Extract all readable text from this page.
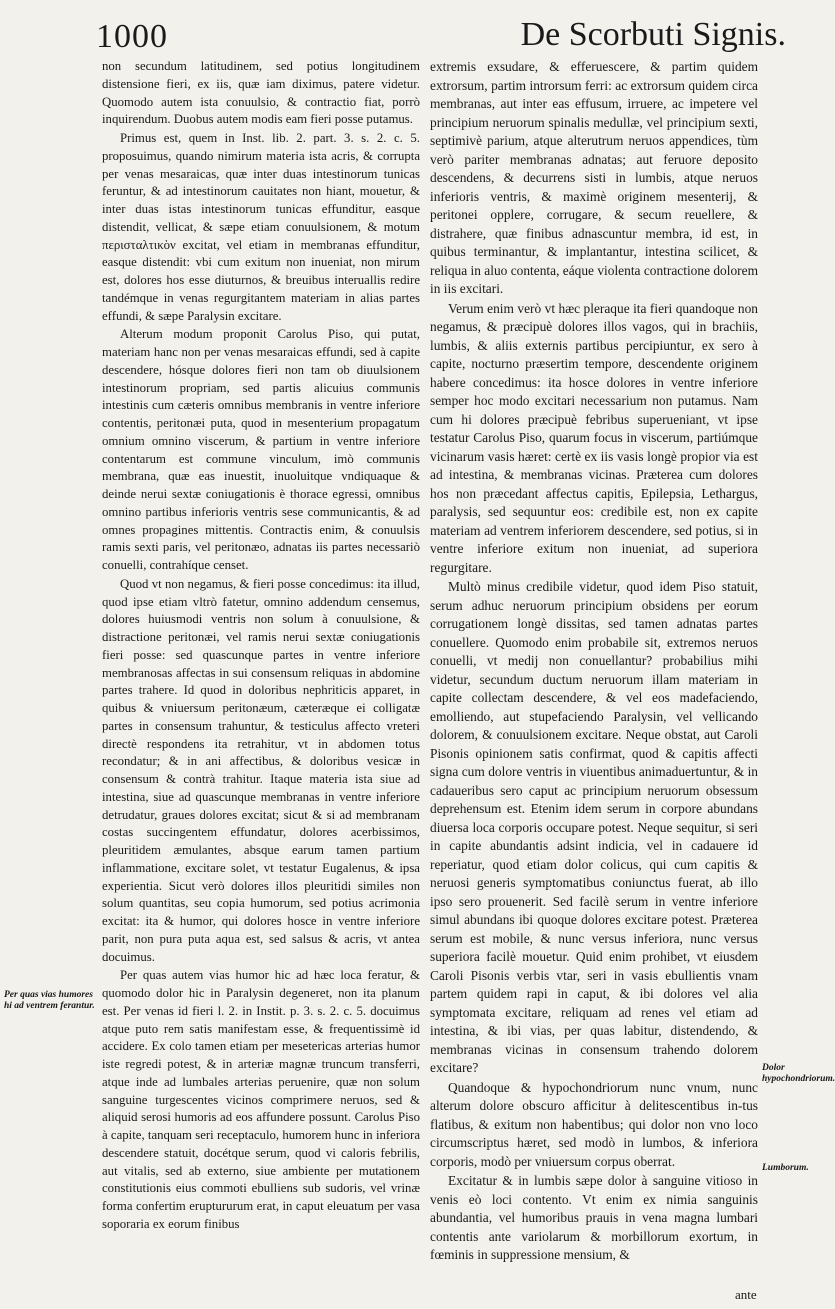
1000	De Scorbuti Signis.

non secundum latitudinem, sed potius longitudinem distensione fieri, ex iis, quæ iam diximus, patere videtur. Quomodo autem ista conuulsio, & contractio fiat, porrò inquirendum. Duobus autem modis eam fieri posse putamus.

Primus est, quem in Inst. lib. 2. part. 3. s. 2. c. 5. proposuimus, quando nimirum materia ista acris, & corrupta per venas mesaraicas, quæ inter duas intestinorum tunicas feruntur, & ad intestinorum cauitates non hiant, mouetur, & inter duas istas intestinorum tunicas effunditur, easque distendit, vellicat, & sæpe etiam conuulsionem, & motum περισταλτικὸν excitat, vel etiam in membranas effunditur, easque distendit: vbi cum exitum non inueniat, non mirum est, dolores hos esse diuturnos, & breuibus interuallis redire tandémque in venas regurgitantem materiam in alias partes effundi, & sæpe Paralysin excitare.

Alterum modum proponit Carolus Piso, qui putat, materiam hanc non per venas mesaraicas effundi, sed à capite descendere, hósque dolores fieri non tam ob diuulsionem intestinorum propriam, sed partis alicuius communis intestinis cum cæteris omnibus membranis in ventre inferiore contentis, peritonæi puta, quod in mesenterium propagatum omnium omnino viscerum, & partium in ventre inferiore contentarum est commune vinculum, imò communis membrana, quæ eas inuestit, inuoluitque vndiquaque & deinde nerui sextæ coniugationis è thorace egressi, omnibus omnino partibus inferioris ventris sese communicantis, & ad omnes propagines mittentis. Contractis enim, & conuulsis ramis sexti paris, vel peritonæo, adnatas iis partes necessariò conuelli, contrahíque censet.

Quod vt non negamus, & fieri posse concedimus: ita illud, quod ipse etiam vltrò fatetur, omnino addendum censemus, dolores huiusmodi ventris non solum à conuulsione, & distractione peritonæi, vel ramis nerui sextæ coniugationis fieri posse: sed quascunque partes in ventre inferiore membranosas affectas in sui consensum reliquas in abdomine partes trahere. Id quod in doloribus nephriticis apparet, in quibus & vniuersum peritonæum, cæteræque ei colligatæ partes in consensum trahuntur, & testiculus affecto vreteri directè respondens ita retrahitur, vt in abdomen totus recondatur; & in ani affectibus, & doloribus vesicæ in consensum & contrà trahitur. Itaque materia ista siue ad intestina, siue ad quascunque membranas in ventre inferiore detrudatur, graues dolores excitat; sicut & si ad membranam costas succingentem effundatur, dolores acerbissimos, pleuritidem æmulantes, absque earum tamen partium inflammatione, excitare solet, vt testatur Eugalenus, & ipsa experientia. Sicut verò dolores illos pleuritidi similes non solum quantitas, seu copia humorum, sed potius acrimonia excitat: ita & humor, qui dolores hosce in ventre inferiore parit, non pura puta aqua est, sed salsus & acris, vt antea docuimus.

Per quas autem vias humor hic ad hæc loca feratur, & quomodo dolor hic in Paralysin degeneret, non ita planum est. Per venas id fieri l. 2. in Instit. p. 3. s. 2. c. 5. docuimus atque puto rem satis manifestam esse, & frequentissimè id accidere. Ex colo tamen etiam per mesetericas arterias humor iste regredi potest, & in arteriæ magnæ truncum transferri, atque inde ad lumbales arterias peruenire, quæ non solum sanguine turgescentes vicinos comprimere neruos, sed & aliquid serosi humoris ad eos affundere possunt. Carolus Piso à capite, tanquam seri receptaculo, humorem hunc in inferiora descendere statuit, docétque serum, quod vi caloris febrilis, aut vitalis, sed ab externo, siue ambiente per mutationem constitutionis eius commoti ebulliens sub sudoris, vel vrinæ forma confertim eruptururum erat, in caput eleuatum per vasa soporaria ex eorum finibus

extremis exsudare, & efferuescere, & partim quidem extrorsum, partim introrsum ferri: ac extrorsum quidem circa membranas, aut inter eas effusum, irruere, ac impetere vel principium neruorum spinalis medullæ, vel principium sexti, septimivè parium, atque alterutrum neruos appendices, tùm verò pariter membranas adnatas; aut feruore deposito descendens, & decurrens sisti in lumbis, atque neruos inferioris ventris, & maximè originem mesenterij, & peritonei opplere, corrugare, & secum reuellere, & distrahere, quæ finibus adnascuntur membra, id est, in quibus terminantur, & implantantur, intestina scilicet, & reliqua in aluo contenta, eáque violenta contractione dolorem in iis excitari.

Verum enim verò vt hæc pleraque ita fieri quandoque non negamus, & præcipuè dolores illos vagos, qui in brachiis, lumbis, & aliis externis partibus percipiuntur, ex sero à capite, nocturno præsertim tempore, descendente originem habere concedimus: ita hosce dolores in ventre inferiore semper hoc modo excitari necessarium non putamus. Nam cum hi dolores præcipuè febribus superueniant, vt ipse testatur Carolus Piso, quarum focus in viscerum, partiúmque vicinarum vasis hæret: certè ex iis vasis longè propior via est ad intestina, & membranas vicinas. Præterea cum dolores hos non præcedant affectus capitis, Epilepsia, Lethargus, paralysis, sed sequuntur eos: credibile est, non ex capite materiam ad ventrem inferiorem descendere, sed potius, si in ventre inferiore exitum non inueniat, ad superiora regurgitare.

Multò minus credibile videtur, quod idem Piso statuit, serum adhuc neruorum principium obsidens per eorum corrugationem longè dissitas, sed tamen adnatas partes conuellere. Quomodo enim probabile sit, extremos neruos conuelli, vt medij non conuellantur? probabilius mihi videtur, secundum ductum neruorum illam materiam in capite collectam descendere, & vel eos madefaciendo, emolliendo, aut stupefaciendo Paralysin, vel vellicando dolorem, & conuulsionem excitare. Neque obstat, aut Caroli Pisonis opinionem satis confirmat, quod & capitis affecti signa cum dolore ventris in viuentibus animaduertuntur, & in cadaueribus sero caput ac principium neruorum obsessum deprehensum est. Etenim idem serum in corpore abundans diuersa loca corporis occupare potest. Neque sequitur, si seri in capite abundantis adsint indicia, vel in cadauere id reperiatur, quod etiam dolor colicus, qui cum capitis & neruosi generis symptomatibus coniunctus fuerat, ab illo ipso sero prouenerit. Sed facilè serum in ventre inferiore simul abundans ibi quoque dolores excitare potest. Præterea serum est mobile, & nunc versus inferiora, nunc versus superiora facilè mouetur. Quid enim prohibet, vt eiusdem Caroli Pisonis verbis vtar, seri in vasis ebullientis vnam partem quidem rapi in caput, & ibi dolores vel alia symptomata excitare, reliquam ad renes vel etiam ad intestina, & ibi vias, per quas labitur, distendendo, & membranas vicinas in consensum trahendo dolorem excitare?

Quandoque & hypochondriorum nunc vnum, nunc alterum dolore obscuro afficitur à delitescentibus in-tus flatibus, & exitum non habentibus; qui dolor non vno loco circumscriptus hæret, sed modò in lumbos, & inferiora corporis, modò per vniuersum corpus oberrat.

Excitatur & in lumbis sæpe dolor à sanguine vitioso in venis eò loci contento. Vt enim ex nimia sanguinis abundantia, vel humoribus prauis in vena magna lumbari contentis ante variolarum & morbillorum exortum, in fœminis in suppressione mensium, &

Per quas vias humores hi ad ventrem ferantur.
Dolor hypochondriorum.
Lumborum.
ante
